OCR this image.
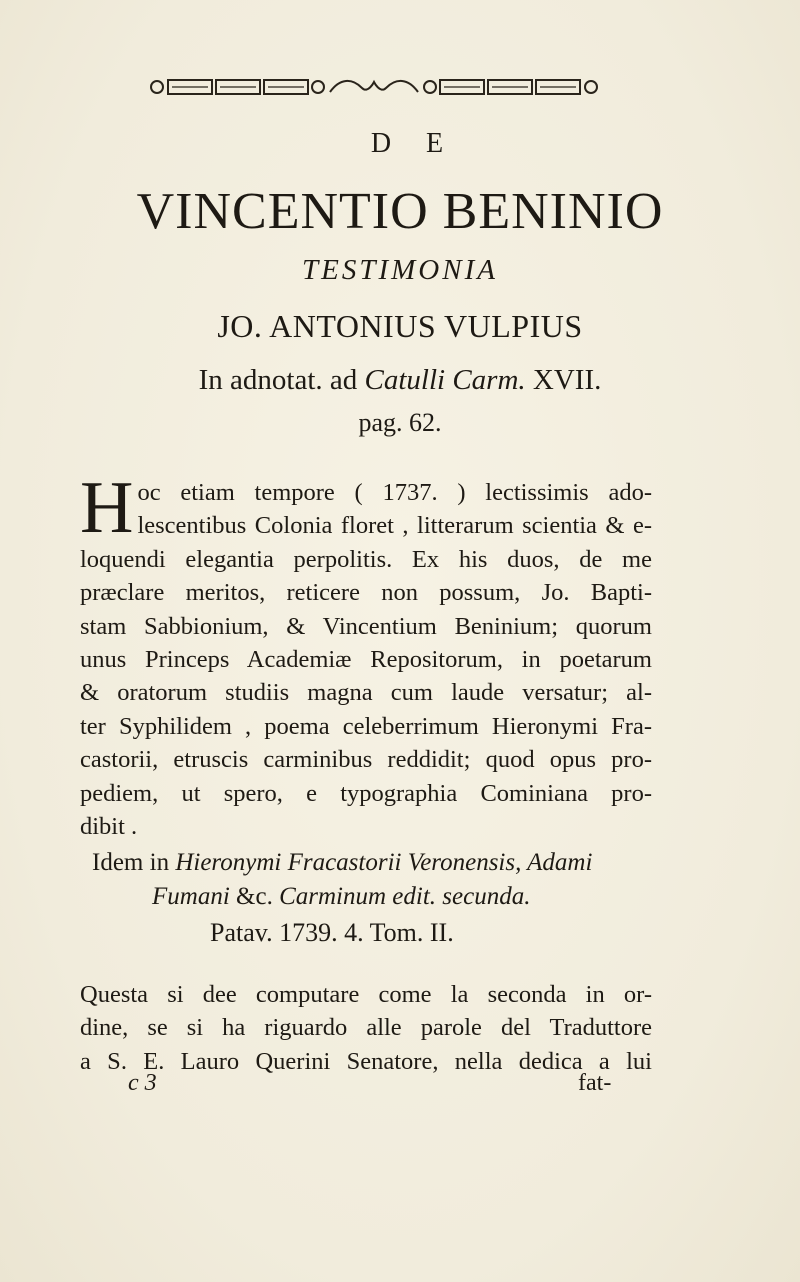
D E
VINCENTIO BENINIO
TESTIMONIA
JO. ANTONIUS VULPIUS
In adnotat. ad Catulli Carm. XVII.
pag. 62.
H oc etiam tempore ( 1737. ) lectissimis ado-
lescentibus Colonia floret , litterarum scientia & e-
loquendi elegantia perpolitis. Ex his duos, de me
præclare meritos, reticere non possum, Jo. Bapti-
stam Sabbionium, & Vincentium Beninium; quorum
unus Princeps Academiæ Repositorum, in poetarum
& oratorum studiis magna cum laude versatur; al-
ter Syphilidem , poema celeberrimum Hieronymi Fra-
castorii, etruscis carminibus reddidit; quod opus pro-
pediem, ut spero, e typographia Cominiana pro-
dibit .
Idem in Hieronymi Fracastorii Veronensis, Adami
Fumani &c. Carminum edit. secunda.
Patav. 1739. 4. Tom. II.
Questa si dee computare come la seconda in or-
dine, se si ha riguardo alle parole del Traduttore
a S. E. Lauro Querini Senatore, nella dedica a lui
c 3	fat-
